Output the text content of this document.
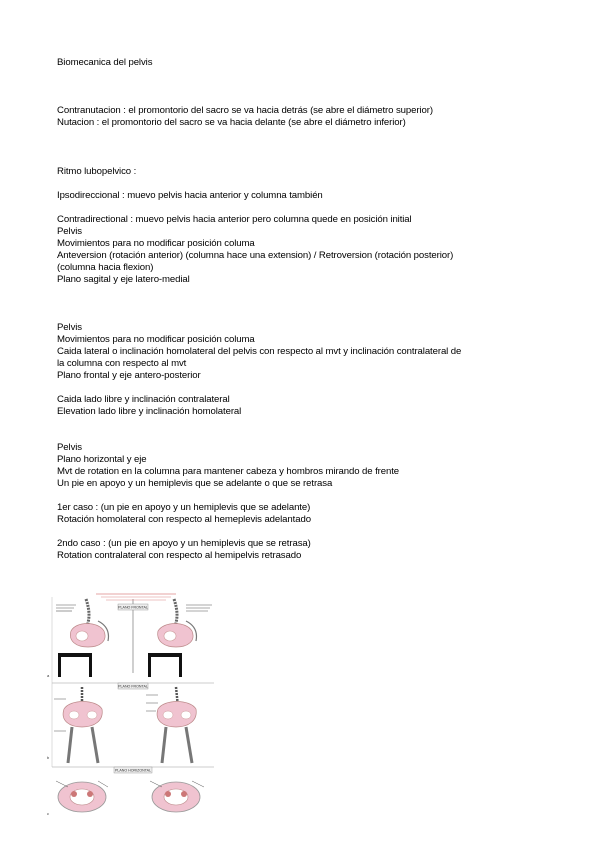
Biomecanica del pelvis
Contranutacion : el promontorio del sacro se va hacia detrás (se abre el diámetro superior)
Nutacion : el promontorio del sacro se va hacia delante (se abre el diámetro inferior)
Ritmo lubopelvico :
Ipsodireccional : muevo pelvis hacia anterior y columna también
Contradirectional : muevo pelvis hacia anterior pero columna quede en posición initial
Pelvis
Movimientos para no modificar posición columa
Anteversion (rotación anterior) (columna hace una extension) / Retroversion (rotación posterior)
(columna hacia flexion)
Plano sagital y eje latero-medial
Pelvis
Movimientos para no modificar posición columa
Caida lateral o inclinación homolateral del pelvis con respecto al mvt y inclinación contralateral de
la columna con respecto al mvt
Plano frontal y eje antero-posterior
Caida lado libre y inclinación contralateral
Elevation lado libre y inclinación homolateral
Pelvis
Plano horizontal y eje
Mvt de rotation en la columna para mantener cabeza y hombros mirando de frente
Un pie en apoyo y un hemiplevis que se adelante o que se retrasa
1er caso : (un pie en apoyo y un hemiplevis que se adelante)
Rotación homolateral con respecto al hemeplevis adelantado
2ndo caso : (un pie en apoyo y un hemiplevis que se retrasa)
Rotation contralateral con respecto al hemipelvis retrasado
PLANO FRONTAL
PLANO FRONTAL
PLANO HORIZONTAL
a
b
c
